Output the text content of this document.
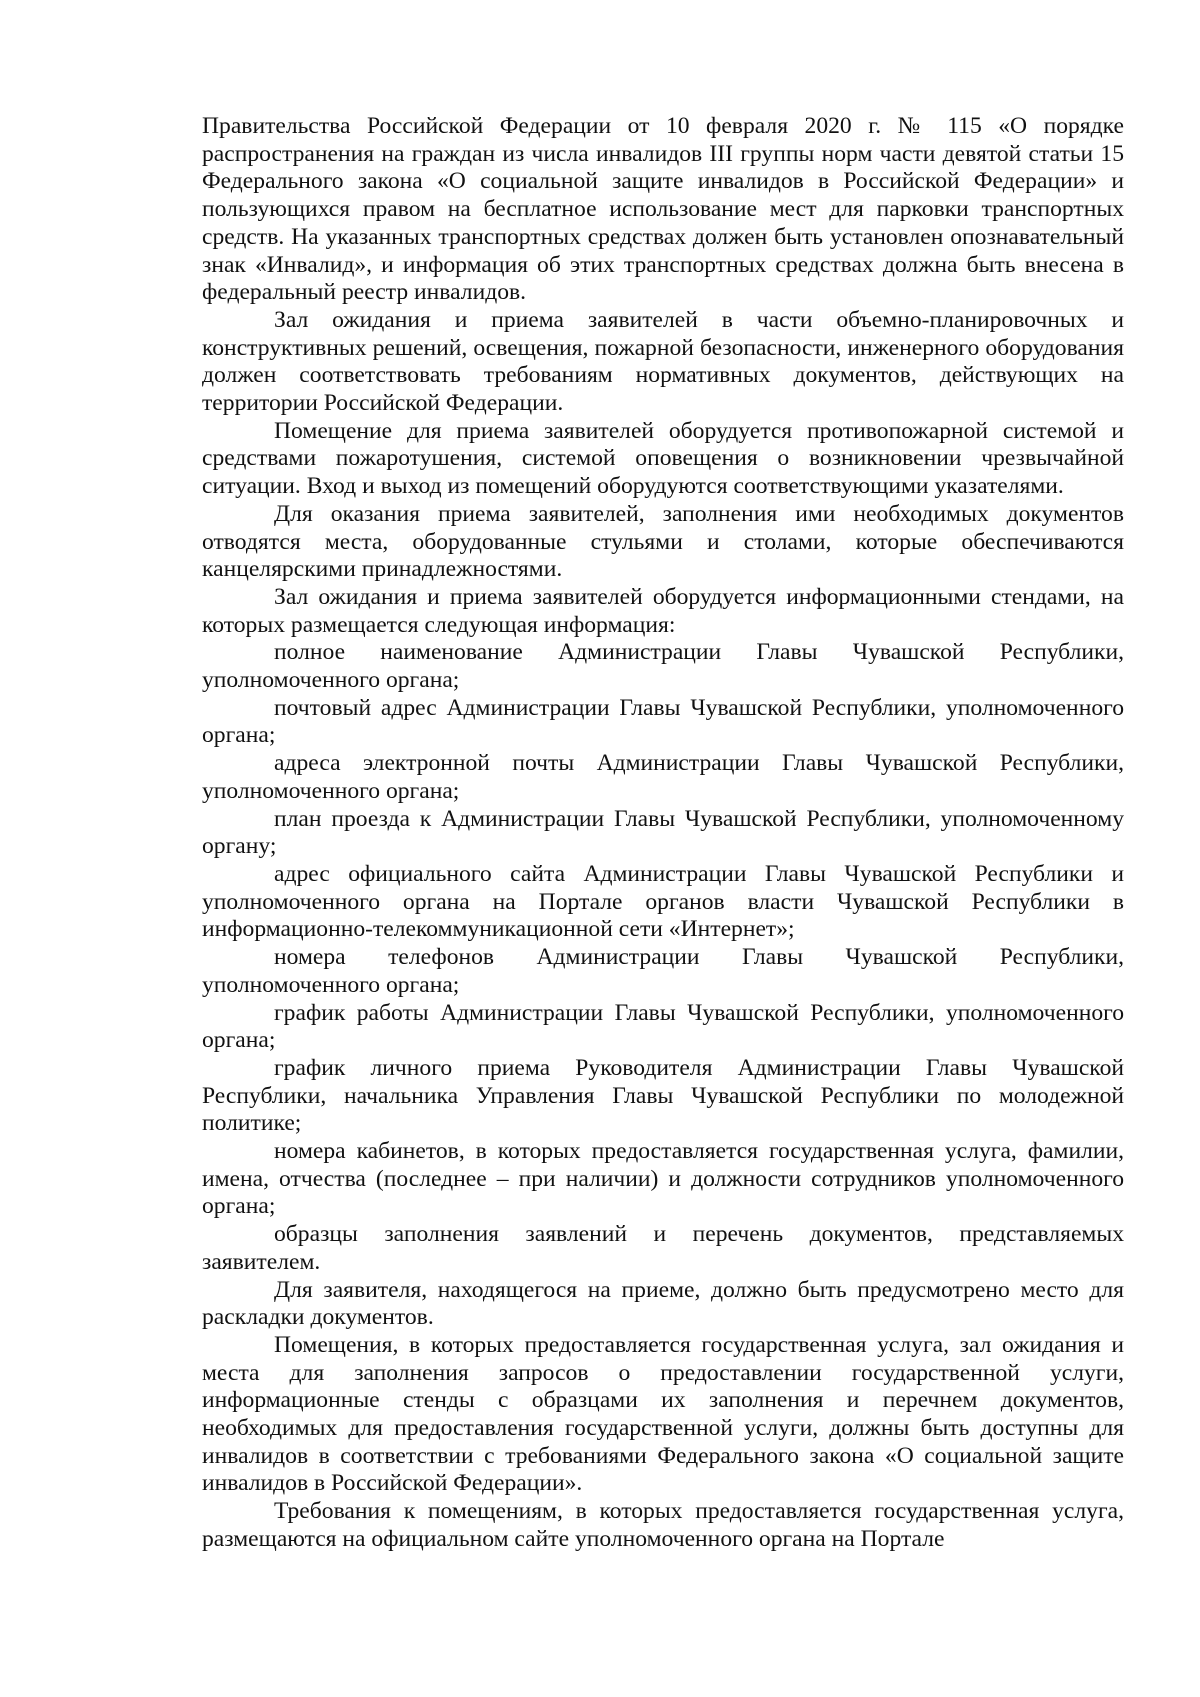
Правительства Российской Федерации от 10 февраля 2020 г. № 115 «О порядке распространения на граждан из числа инвалидов III группы норм части девятой статьи 15 Федерального закона «О социальной защите инвалидов в Российской Федерации» и пользующихся правом на бесплатное использование мест для парковки транспортных средств. На указанных транспортных средствах должен быть установлен опознавательный знак «Инвалид», и информация об этих транспортных средствах должна быть внесена в федеральный реестр инвалидов.

Зал ожидания и приема заявителей в части объемно-планировочных и конструктивных решений, освещения, пожарной безопасности, инженерного оборудования должен соответствовать требованиям нормативных документов, действующих на территории Российской Федерации.

Помещение для приема заявителей оборудуется противопожарной системой и средствами пожаротушения, системой оповещения о возникновении чрезвычайной ситуации. Вход и выход из помещений оборудуются соответствующими указателями.

Для оказания приема заявителей, заполнения ими необходимых документов отводятся места, оборудованные стульями и столами, которые обеспечиваются канцелярскими принадлежностями.

Зал ожидания и приема заявителей оборудуется информационными стендами, на которых размещается следующая информация:

полное наименование Администрации Главы Чувашской Республики, уполномоченного органа;

почтовый адрес Администрации Главы Чувашской Республики, уполномоченного органа;

адреса электронной почты Администрации Главы Чувашской Республики, уполномоченного органа;

план проезда к Администрации Главы Чувашской Республики, уполномоченному органу;

адрес официального сайта Администрации Главы Чувашской Республики и уполномоченного органа на Портале органов власти Чувашской Республики в информационно-телекоммуникационной сети «Интернет»;

номера телефонов Администрации Главы Чувашской Республики, уполномоченного органа;

график работы Администрации Главы Чувашской Республики, уполномоченного органа;

график личного приема Руководителя Администрации Главы Чувашской Республики, начальника Управления Главы Чувашской Республики по молодежной политике;

номера кабинетов, в которых предоставляется государственная услуга, фамилии, имена, отчества (последнее – при наличии) и должности сотрудников уполномоченного органа;

образцы заполнения заявлений и перечень документов, представляемых заявителем.

Для заявителя, находящегося на приеме, должно быть предусмотрено место для раскладки документов.

Помещения, в которых предоставляется государственная услуга, зал ожидания и места для заполнения запросов о предоставлении государственной услуги, информационные стенды с образцами их заполнения и перечнем документов, необходимых для предоставления государственной услуги, должны быть доступны для инвалидов в соответствии с требованиями Федерального закона «О социальной защите инвалидов в Российской Федерации».

Требования к помещениям, в которых предоставляется государственная услуга, размещаются на официальном сайте уполномоченного органа на Портале
